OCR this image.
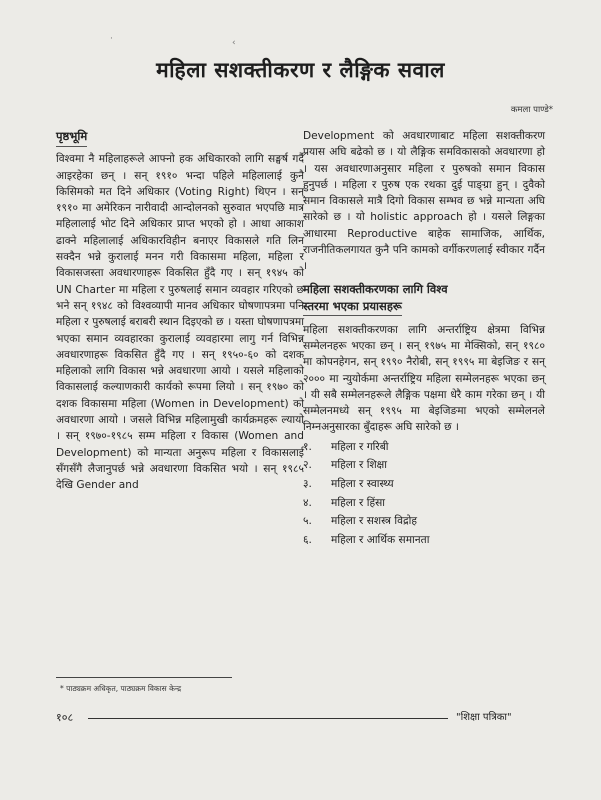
·	‹
महिला सशक्तीकरण र लैङ्गिक सवाल
कमला पाण्डे*
पृष्ठभूमि

विश्वमा नै महिलाहरूले आफ्नो हक अधिकारको लागि सङ्घर्ष गर्दै आइरहेका छन् । सन् १९१० भन्दा पहिले महिलालाई कुनै किसिमको मत दिने अधिकार (Voting Right) थिएन । सन् १९१० मा अमेरिकन नारीवादी आन्दोलनको सुरुवात भएपछि मात्र महिलालाई भोट दिने अधिकार प्राप्त भएको हो । आधा आकाश ढाक्ने महिलालाई अधिकारविहीन बनाएर विकासले गति लिन सक्दैन भन्ने कुरालाई मनन गरी विकासमा महिला, महिला र विकासजस्ता अवधारणाहरू विकसित हुँदै गए । सन् १९४५ को UN Charter मा महिला र पुरुषलाई समान व्यवहार गरिएको छ भने सन् १९४८ को विश्वव्यापी मानव अधिकार घोषणापत्रमा पनि महिला र पुरुषलाई बराबरी स्थान दिइएको छ । यस्ता घोषणापत्रमा भएका समान व्यवहारका कुरालाई व्यवहारमा लागु गर्न विभिन्न अवधारणाहरू विकसित हुँदै गए । सन् १९५०-६० को दशक महिलाको लागि विकास भन्ने अवधारणा आयो । यसले महिलाको विकासलाई कल्याणकारी कार्यको रूपमा लियो । सन् १९७० को दशक विकासमा महिला (Women in Development) को अवधारणा आयो । जसले विभिन्न महिलामुखी कार्यक्रमहरू ल्यायो । सन् १९७०-१९८५ सम्म महिला र विकास (Women and Development) को मान्यता अनुरूप महिला र विकासलाई सँगसँगै लैजानुपर्छ भन्ने अवधारणा विकसित भयो । सन् १९८५ देखि Gender and

Development को अवधारणाबाट महिला सशक्तीकरण प्रयास अघि बढेको छ । यो लैङ्गिक समविकासको अवधारणा हो । यस अवधारणाअनुसार महिला र पुरुषको समान विकास हुनुपर्छ । महिला र पुरुष एक रथका दुई पाङ्ग्रा हुन् । दुवैको समान विकासले मात्रै दिगो विकास सम्भव छ भन्ने मान्यता अघि सारेको छ । यो holistic approach हो । यसले लिङ्गका आधारमा Reproductive बाहेक सामाजिक, आर्थिक, राजनीतिकलगायत कुनै पनि कामको वर्गीकरणलाई स्वीकार गर्दैन ।

महिला सशक्तीकरणका लागि विश्व
स्तरमा भएका प्रयासहरू

महिला सशक्तीकरणका लागि अन्तर्राष्ट्रिय क्षेत्रमा विभिन्न सम्मेलनहरू भएका छन् । सन् १९७५ मा मेक्सिको, सन् १९८० मा कोपनहेगन, सन् १९९० नैरोबी, सन् १९९५ मा बेइजिङ र सन् २००० मा न्युयोर्कमा अन्तर्राष्ट्रिय महिला सम्मेलनहरू भएका छन् । यी सबै सम्मेलनहरूले लैङ्गिक पक्षमा धेरै काम गरेका छन् । यी सम्मेलनमध्ये सन् १९९५ मा बेइजिङमा भएको सम्मेलनले निम्नअनुसारका बुँदाहरू अघि सारेको छ ।

१.	महिला र गरिबी
२.	महिला र शिक्षा
३.	महिला र स्वास्थ्य
४.	महिला र हिंसा
५.	महिला र सशस्त्र विद्रोह
६.	महिला र आर्थिक समानता
* पाठ्यक्रम अधिकृत, पाठ्यक्रम विकास केन्द्र
१०८	"शिक्षा पत्रिका"
